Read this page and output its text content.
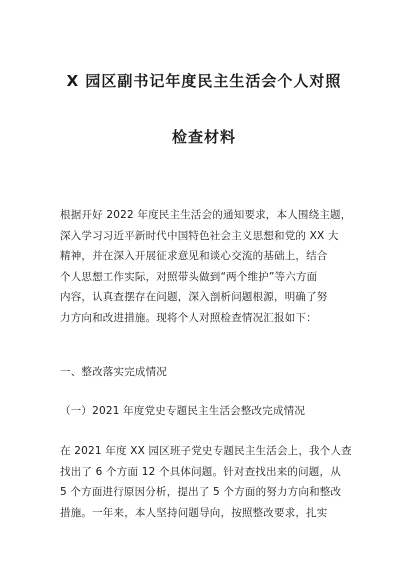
X 园区副书记年度民主生活会个人对照
检查材料

根据开好 2022 年度民主生活会的通知要求，本人围绕主题，
深入学习习近平新时代中国特色社会主义思想和党的 XX 大
精神，并在深入开展征求意见和谈心交流的基础上，结合
个人思想工作实际，对照带头做到“两个维护”等六方面
内容，认真查摆存在问题，深入剖析问题根源，明确了努
力方向和改进措施。现将个人对照检查情况汇报如下：

一、整改落实完成情况

（一）2021 年度党史专题民主生活会整改完成情况

在 2021 年度 XX 园区班子党史专题民主生活会上，我个人查
找出了 6 个方面 12 个具体问题。针对查找出来的问题，从
5 个方面进行原因分析，提出了 5 个方面的努力方向和整改
措施。一年来，本人坚持问题导向，按照整改要求，扎实
